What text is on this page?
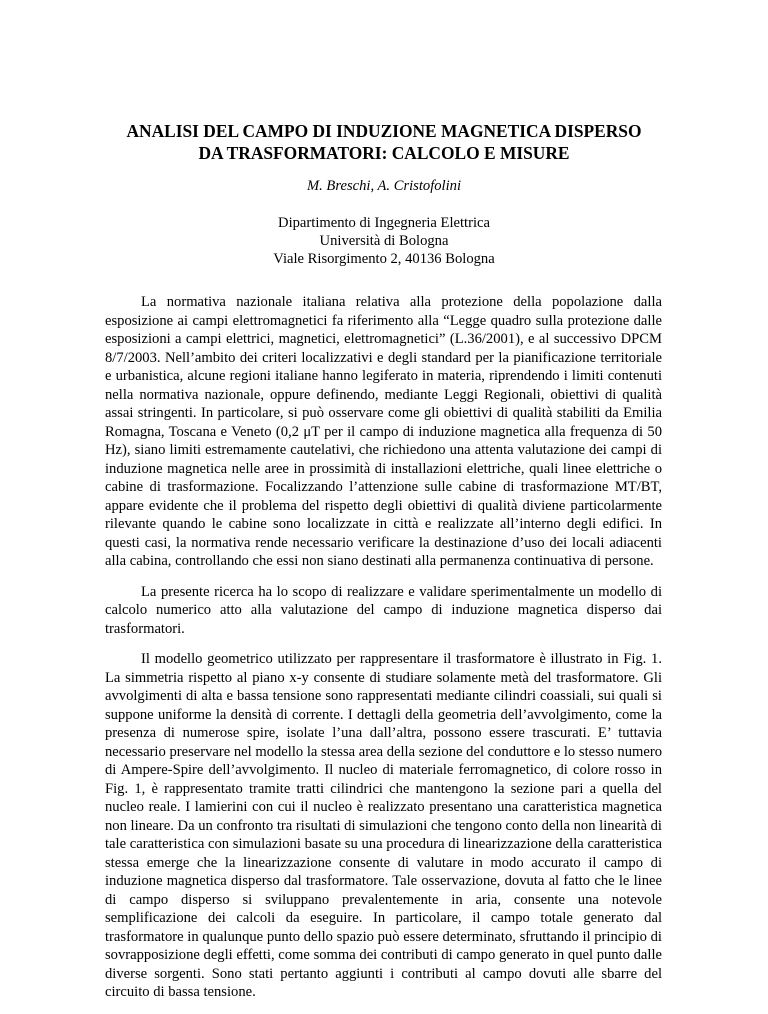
ANALISI DEL CAMPO DI INDUZIONE MAGNETICA DISPERSO
DA TRASFORMATORI: CALCOLO E MISURE
M. Breschi, A. Cristofolini
Dipartimento di Ingegneria Elettrica
Università di Bologna
Viale Risorgimento 2, 40136 Bologna

La normativa nazionale italiana relativa alla protezione della popolazione dalla esposizione ai campi elettromagnetici fa riferimento alla “Legge quadro sulla protezione dalle esposizioni a campi elettrici, magnetici, elettromagnetici” (L.36/2001), e al successivo DPCM 8/7/2003. Nell’ambito dei criteri localizzativi e degli standard per la pianificazione territoriale e urbanistica, alcune regioni italiane hanno legiferato in materia, riprendendo i limiti contenuti nella normativa nazionale, oppure definendo, mediante Leggi Regionali, obiettivi di qualità assai stringenti. In particolare, si può osservare come gli obiettivi di qualità stabiliti da Emilia Romagna, Toscana e Veneto (0,2 μT per il campo di induzione magnetica alla frequenza di 50 Hz), siano limiti estremamente cautelativi, che richiedono una attenta valutazione dei campi di induzione magnetica nelle aree in prossimità di installazioni elettriche, quali linee elettriche o cabine di trasformazione. Focalizzando l’attenzione sulle cabine di trasformazione MT/BT, appare evidente che il problema del rispetto degli obiettivi di qualità diviene particolarmente rilevante quando le cabine sono localizzate in città e realizzate all’interno degli edifici. In questi casi, la normativa rende necessario verificare la destinazione d’uso dei locali adiacenti alla cabina, controllando che essi non siano destinati alla permanenza continuativa di persone.

La presente ricerca ha lo scopo di realizzare e validare sperimentalmente un modello di calcolo numerico atto alla valutazione del campo di induzione magnetica disperso dai trasformatori.

Il modello geometrico utilizzato per rappresentare il trasformatore è illustrato in Fig. 1. La simmetria rispetto al piano x-y consente di studiare solamente metà del trasformatore. Gli avvolgimenti di alta e bassa tensione sono rappresentati mediante cilindri coassiali, sui quali si suppone uniforme la densità di corrente. I dettagli della geometria dell’avvolgimento, come la presenza di numerose spire, isolate l’una dall’altra, possono essere trascurati. E’ tuttavia necessario preservare nel modello la stessa area della sezione del conduttore e lo stesso numero di Ampere-Spire dell’avvolgimento. Il nucleo di materiale ferromagnetico, di colore rosso in Fig. 1, è rappresentato tramite tratti cilindrici che mantengono la sezione pari a quella del nucleo reale. I lamierini con cui il nucleo è realizzato presentano una caratteristica magnetica non lineare. Da un confronto tra risultati di simulazioni che tengono conto della non linearità di tale caratteristica con simulazioni basate su una procedura di linearizzazione della caratteristica stessa emerge che la linearizzazione consente di valutare in modo accurato il campo di induzione magnetica disperso dal trasformatore. Tale osservazione, dovuta al fatto che le linee di campo disperso si sviluppano prevalentemente in aria, consente una notevole semplificazione dei calcoli da eseguire. In particolare, il campo totale generato dal trasformatore in qualunque punto dello spazio può essere determinato, sfruttando il principio di sovrapposizione degli effetti, come somma dei contributi di campo generato in quel punto dalle diverse sorgenti. Sono stati pertanto aggiunti i contributi al campo dovuti alle sbarre del circuito di bassa tensione.
